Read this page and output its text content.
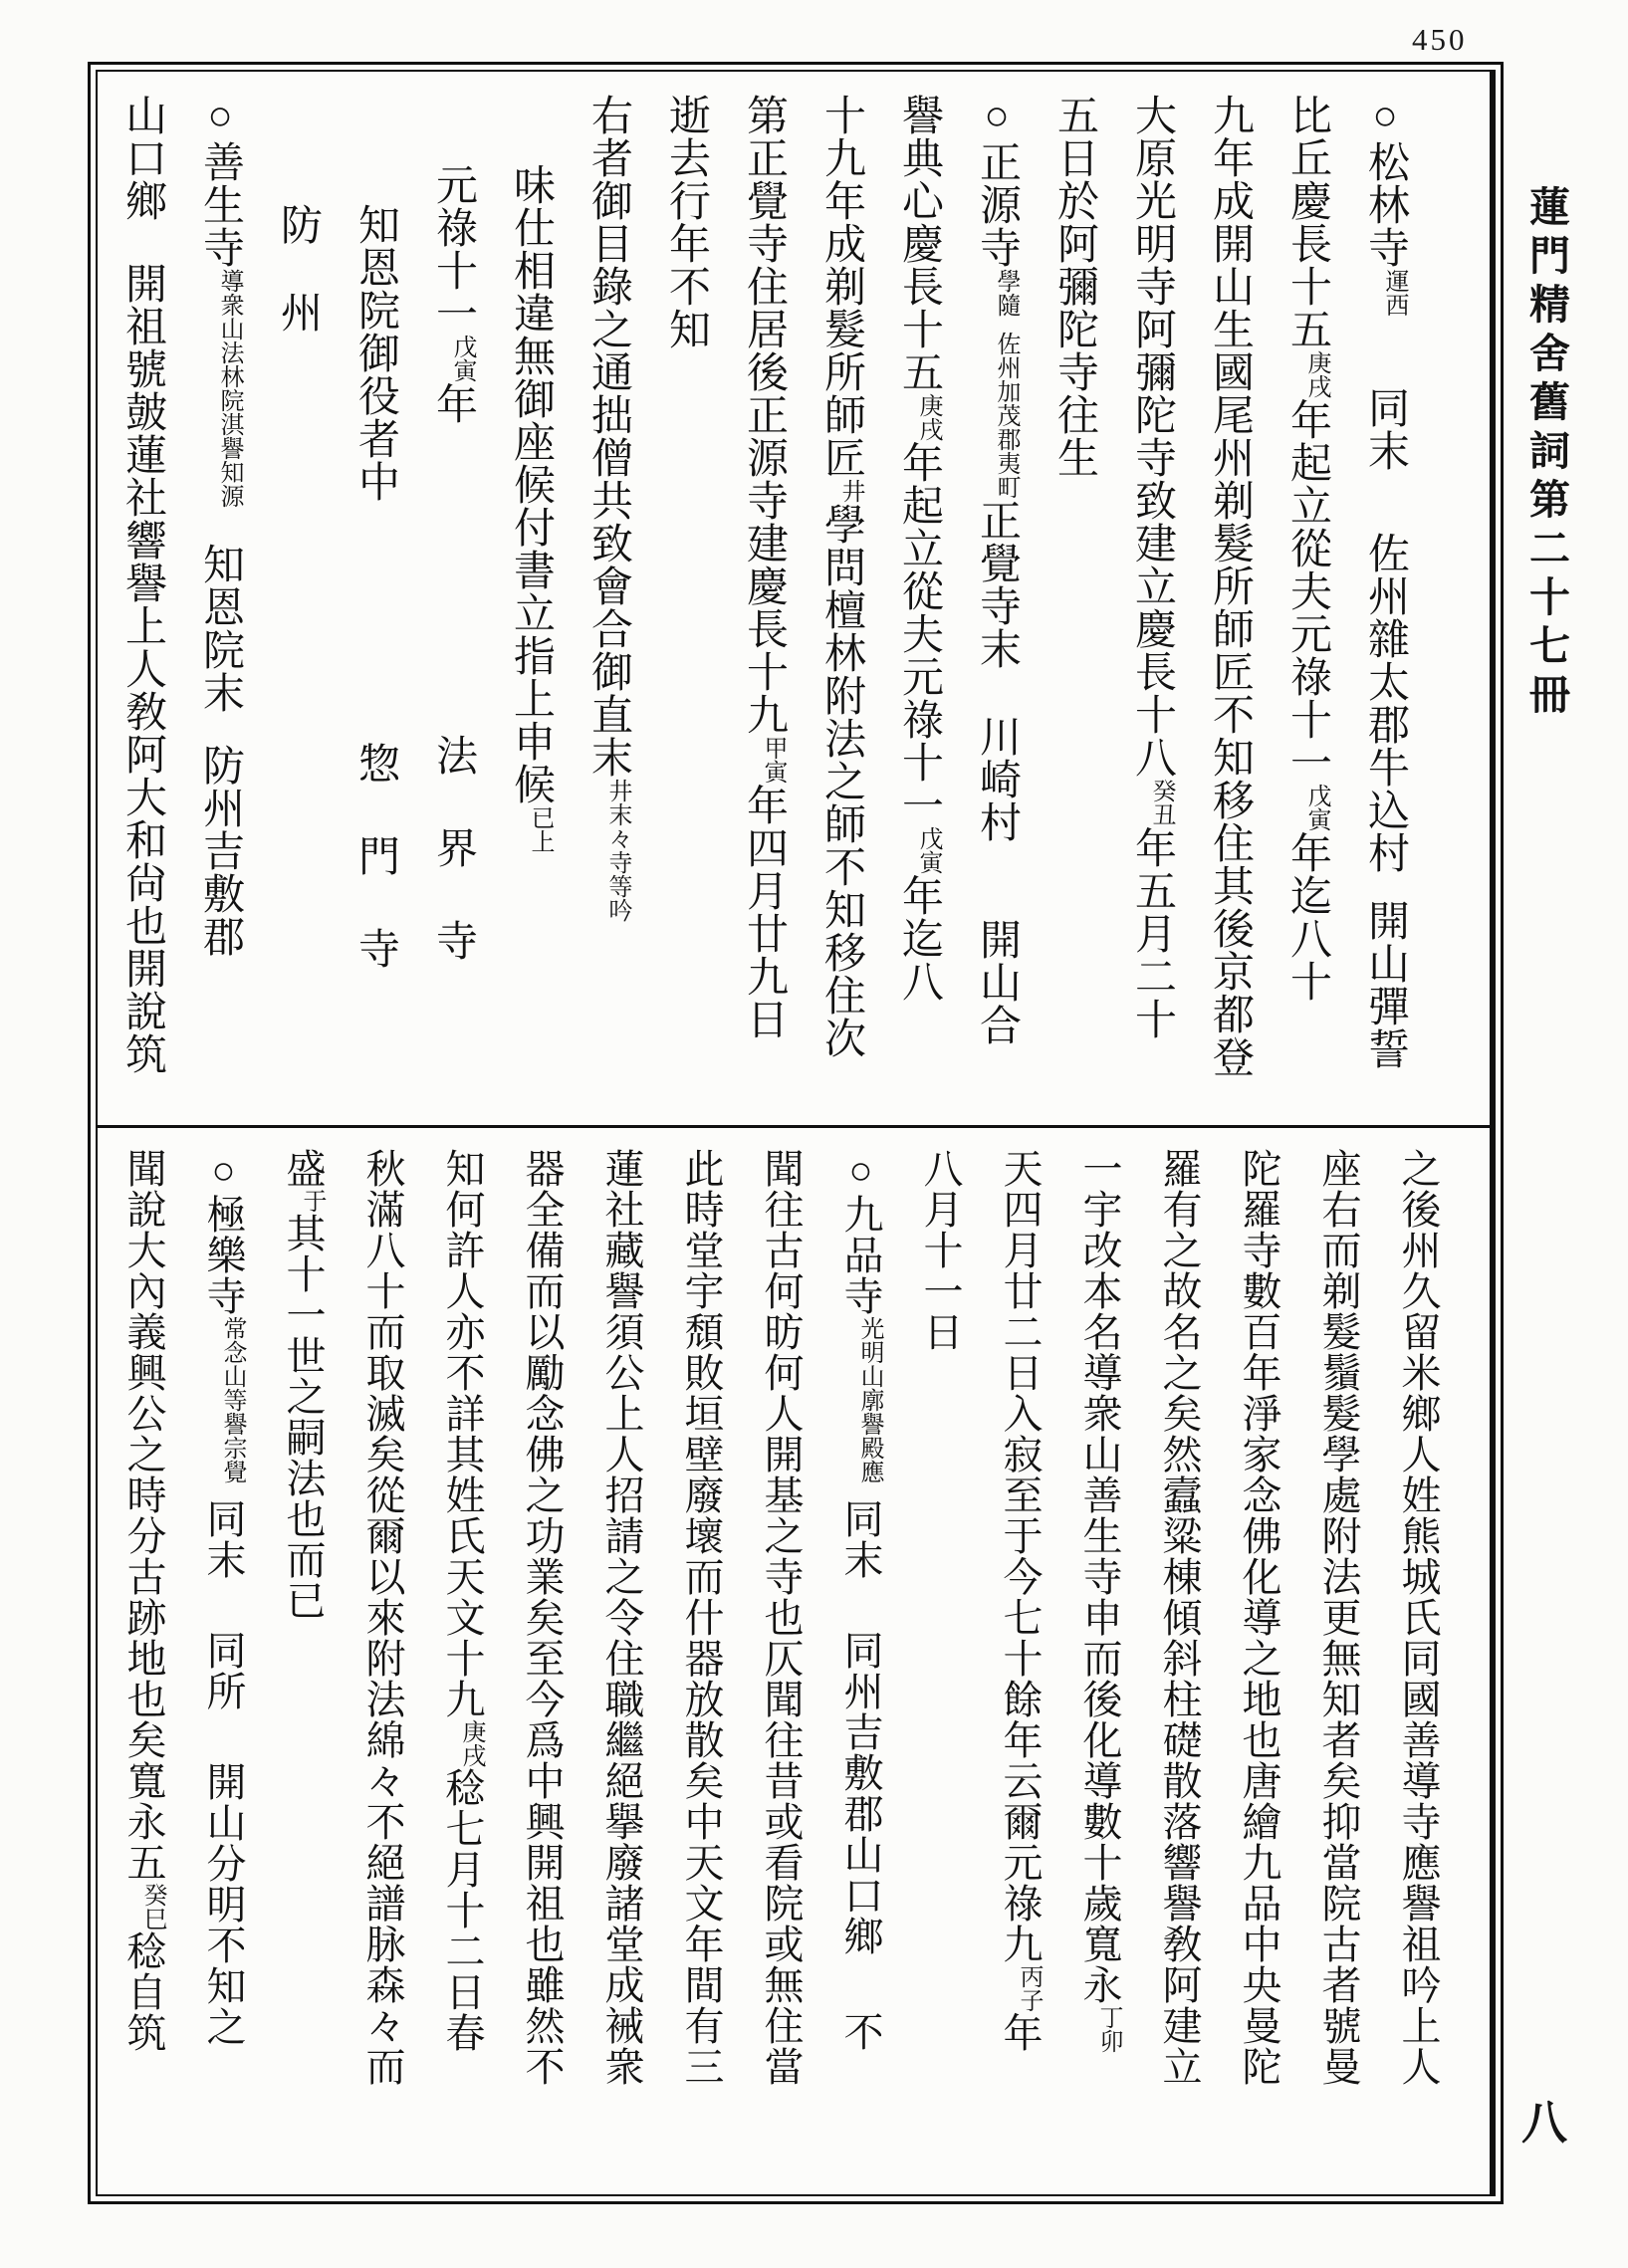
450
○松林寺運西同末佐州雜太郡牛込村開山彈誓
比丘慶長十五庚戌年起立從夫元祿十一戊寅年迄八十
九年成開山生國尾州剃髮所師匠不知移住其後京都登
大原光明寺阿彌陀寺致建立慶長十八癸丑年五月二十
五日於阿彌陀寺往生
○正源寺學隨佐州加茂郡夷町正覺寺末川崎村開山合
譽典心慶長十五庚戌年起立從夫元祿十一戊寅年迄八
十九年成剃髮所師匠井學問檀林附法之師不知移住次
第正覺寺住居後正源寺建慶長十九甲寅年四月廿九日
逝去行年不知
右者御目錄之通拙僧共致會合御直末井末々寺等吟
味仕相違無御座候付書立指上申候已上
元祿十一戊寅年法界寺
知恩院御役者中惣門寺
防州
○善生寺導衆山法林院淇譽知源知恩院末防州吉敷郡
山口鄉開祖號皷蓮社響譽上人敎阿大和尙也開說筑
之後州久留米鄉人姓熊城氏同國善導寺應譽祖吟上人
座右而剃髮鬚髮學處附法更無知者矣抑當院古者號曼
陀羅寺數百年淨家念佛化導之地也唐繪九品中央曼陀
羅有之故名之矣然蠧粱棟傾斜柱礎散落響譽敎阿建立
一宇改本名導衆山善生寺申而後化導數十歲寬永丁卯
天四月廿二日入寂至于今七十餘年云爾元祿九丙子年
八月十一日
○九品寺光明山廓譽殿應同末同州吉敷郡山口鄉不
聞往古何昉何人開基之寺也仄聞往昔或看院或無住當
此時堂宇頹敗垣壁廢壞而什器放散矣中天文年間有三
蓮社藏譽須公上人招請之令住職繼絕擧廢諸堂成裓衆
器全備而以勵念佛之功業矣至今爲中興開祖也雖然不
知何許人亦不詳其姓氏天文十九庚戌稔七月十二日春
秋滿八十而取滅矣從爾以來附法綿々不絕譜脉森々而
盛于其十一世之嗣法也而已
○極樂寺常念山等譽宗覺同末同所開山分明不知之
聞說大內義興公之時分古跡地也矣寬永五癸巳稔自筑
蓮門精舍舊詞第二十七冊
八
